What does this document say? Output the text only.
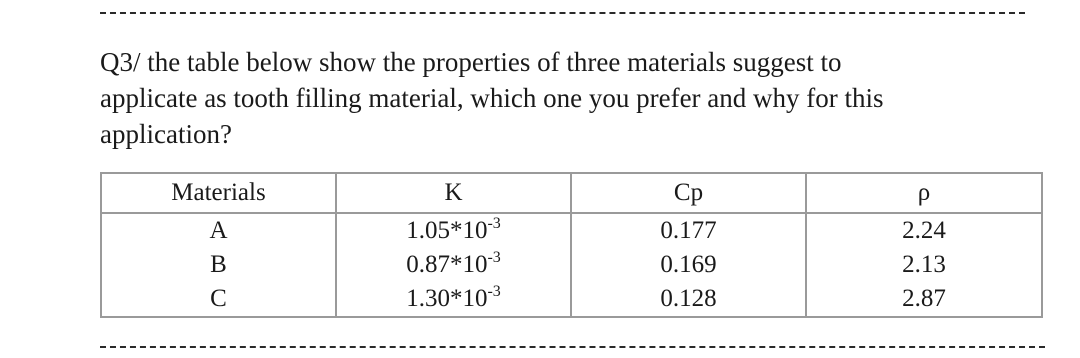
Q3/ the table below show the properties of three materials suggest to
applicate as tooth filling material, which one you prefer and why for this
application?
Materials	K	Cp	ρ
A	$1.05*10^{-3}$	0.177	2.24
B	$0.87*10^{-3}$	0.169	2.13
C	$1.30*10^{-3}$	0.128	2.87
